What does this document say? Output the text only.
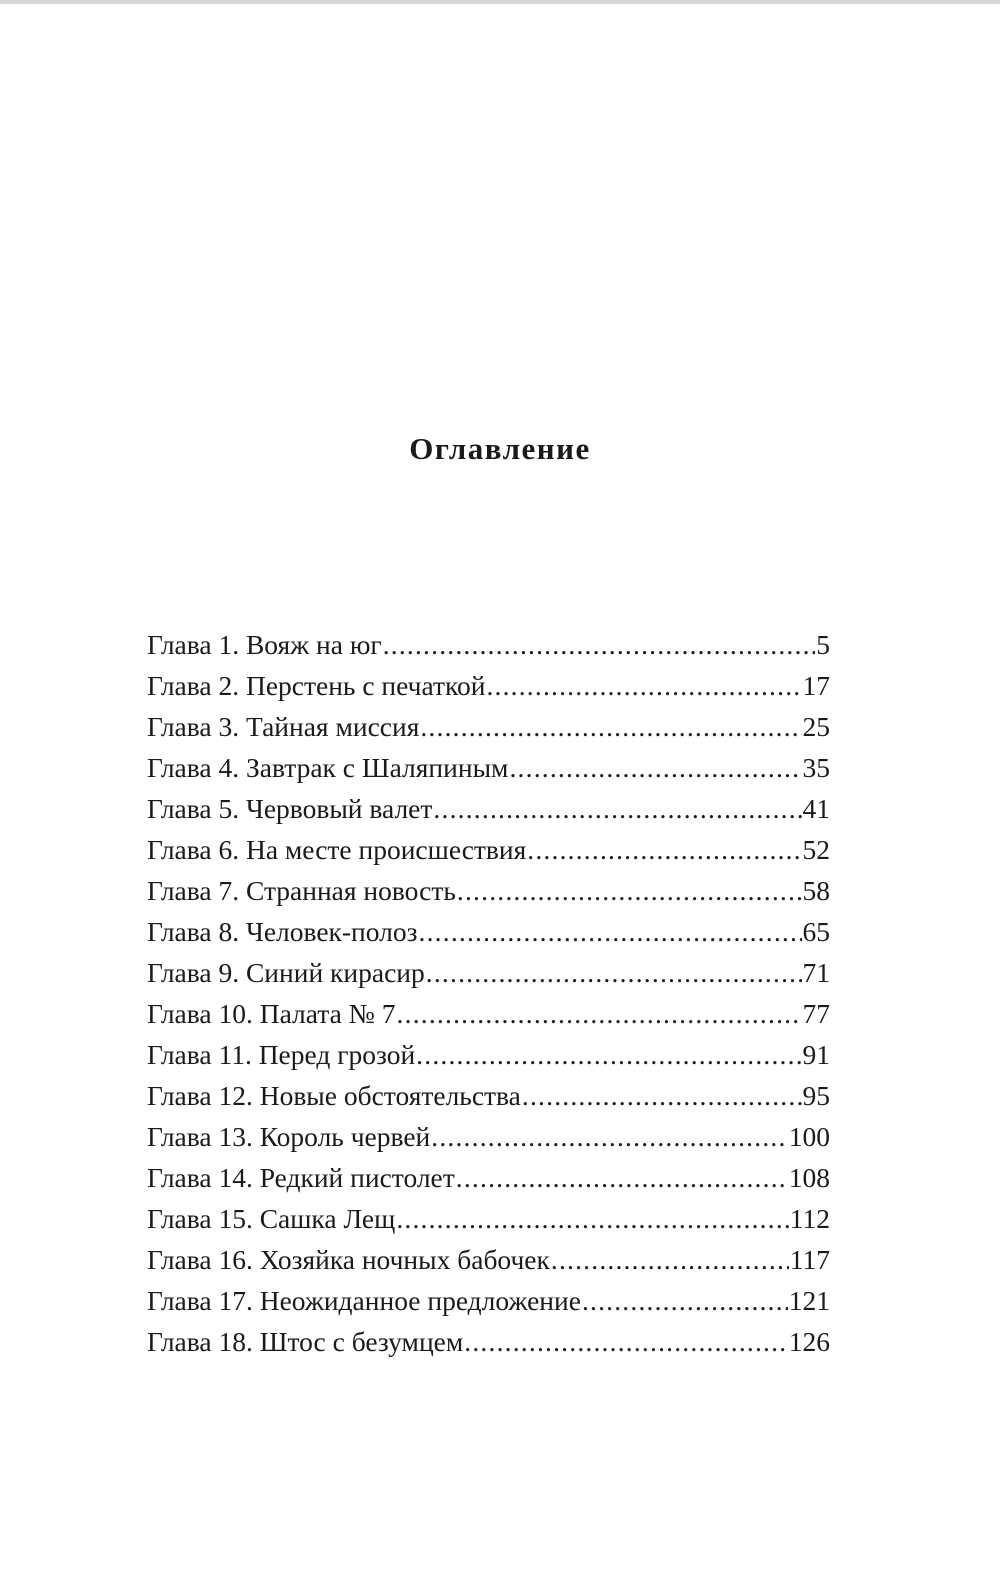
Оглавление
Глава 1. Вояж на юг .....	5
Глава 2. Перстень с печаткой .....	17
Глава 3. Тайная миссия .....	25
Глава 4. Завтрак с Шаляпиным .....	35
Глава 5. Червовый валет .....	41
Глава 6. На месте происшествия .....	52
Глава 7. Странная новость .....	58
Глава 8. Человек-полоз .....	65
Глава 9. Синий кирасир .....	71
Глава 10. Палата № 7 .....	77
Глава 11. Перед грозой .....	91
Глава 12. Новые обстоятельства .....	95
Глава 13. Король червей .....	100
Глава 14. Редкий пистолет .....	108
Глава 15. Сашка Лещ .....	112
Глава 16. Хозяйка ночных бабочек .....	117
Глава 17. Неожиданное предложение .....	121
Глава 18. Штос с безумцем .....	126
